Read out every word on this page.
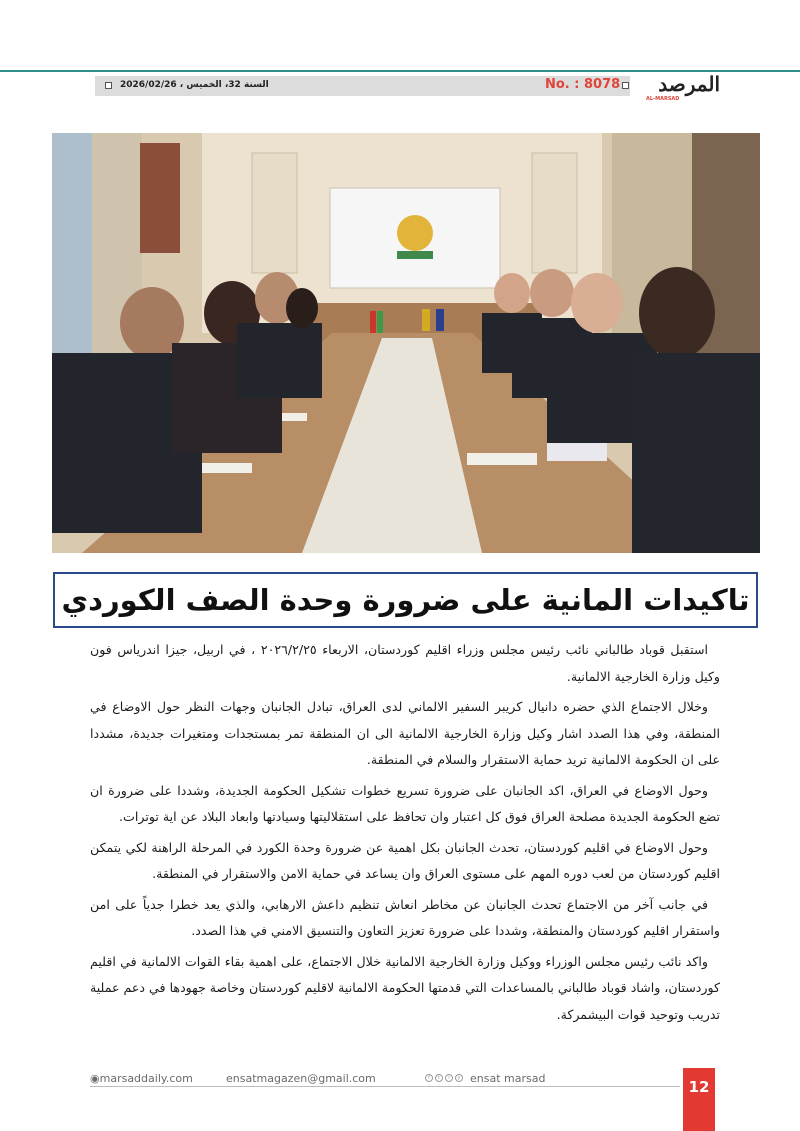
السنة 32، الخميس ، 2026/02/26	No. : 8078 المرصد
AL-MARSAD
تاكيدات المانية على ضرورة وحدة الصف الكوردي

استقبل قوباد طالباني نائب رئيس مجلس وزراء اقليم كوردستان، الاربعاء ٢٠٢٦/٢/٢٥ ، في اربيل، جيزا اندرياس فون وكيل وزارة الخارجية الالمانية.

وخلال الاجتماع الذي حضره دانيال كريبر السفير الالماني لدى العراق، تبادل الجانبان وجهات النظر حول الاوضاع في المنطقة، وفي هذا الصدد اشار وكيل وزارة الخارجية الالمانية الى ان المنطقة تمر بمستجدات ومتغيرات جديدة، مشددا على ان الحكومة الالمانية تريد حماية الاستقرار والسلام في المنطقة.

وحول الاوضاع في العراق، اكد الجانبان على ضرورة تسريع خطوات تشكيل الحكومة الجديدة، وشددا على ضرورة ان تضع الحكومة الجديدة مصلحة العراق فوق كل اعتبار وان تحافظ على استقلاليتها وسيادتها وابعاد البلاد عن اية توترات.

وحول الاوضاع في اقليم كوردستان، تحدث الجانبان بكل اهمية عن ضرورة وحدة الكورد في المرحلة الراهنة لكي يتمكن اقليم كوردستان من لعب دوره المهم على مستوى العراق وان يساعد في حماية الامن والاستقرار في المنطقة.

في جانب آخر من الاجتماع تحدث الجانبان عن مخاطر انعاش تنظيم داعش الارهابي، والذي يعد خطرا جدياً على امن واستقرار اقليم كوردستان والمنطقة، وشددا على ضرورة تعزيز التعاون والتنسيق الامني في هذا الصدد.

واكد نائب رئيس مجلس الوزراء ووكيل وزارة الخارجية الالمانية خلال الاجتماع، على اهمية بقاء القوات الالمانية في اقليم كوردستان، واشاد قوباد طالباني بالمساعدات التي قدمتها الحكومة الالمانية لاقليم كوردستان وخاصة جهودها في دعم عملية تدريب وتوحيد قوات البيشمركة.

◉marsaddaily.com	ensatmagazen@gmail.com	f	t	i	y ensat marsad	12
